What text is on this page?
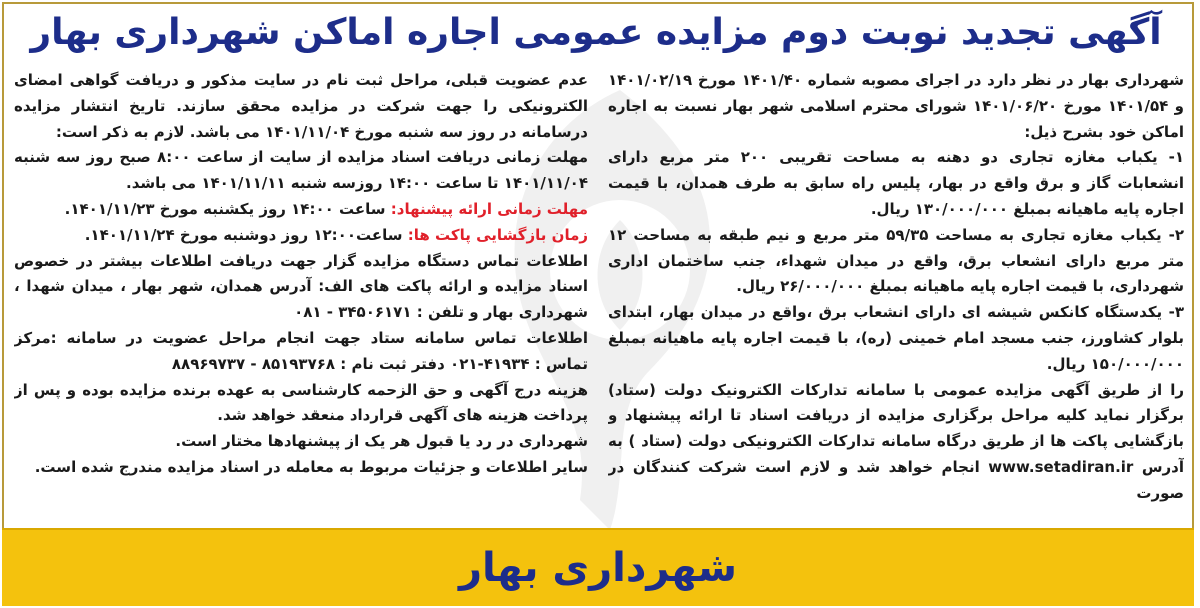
آگهی تجدید نوبت دوم مزایده عمومی اجاره اماکن شهرداری بهار

شهرداری بهار در نظر دارد در اجرای مصوبه شماره ۱۴۰۱/۴۰ مورخ ۱۴۰۱/۰۲/۱۹ و ۱۴۰۱/۵۴ مورخ ۱۴۰۱/۰۶/۲۰ شورای محترم اسلامی شهر بهار نسبت به اجاره اماکن خود بشرح ذیل:

۱- یکباب مغازه تجاری دو دهنه به مساحت تقریبی ۲۰۰ متر مربع دارای انشعابات گاز و برق واقع در بهار، پلیس راه سابق به طرف همدان، با قیمت اجاره پایه ماهیانه بمبلغ ۱۳۰/۰۰۰/۰۰۰ ریال.

۲- یکباب مغازه تجاری به مساحت ۵۹/۳۵ متر مربع و نیم طبقه به مساحت ۱۲ متر مربع دارای انشعاب برق، واقع در میدان شهداء، جنب ساختمان اداری شهرداری، با قیمت اجاره پایه ماهیانه بمبلغ ۲۶/۰۰۰/۰۰۰ ریال.

۳- یکدستگاه کانکس شیشه ای دارای انشعاب برق ،واقع در میدان بهار، ابتدای بلوار کشاورز، جنب مسجد امام خمینی (ره)، با قیمت اجاره پایه ماهیانه بمبلغ ۱۵۰/۰۰۰/۰۰۰ ریال.

را از طریق آگهی مزایده عمومی با سامانه تدارکات الکترونیک دولت (ستاد) برگزار نماید کلیه مراحل برگزاری مزایده از دریافت اسناد تا ارائه پیشنهاد و بازگشایی پاکت ها از طریق درگاه سامانه تدارکات الکترونیکی دولت (ستاد ) به آدرس www.setadiran.ir انجام خواهد شد و لازم است شرکت کنندگان در صورت

عدم عضویت قبلی، مراحل ثبت نام در سایت مذکور و دریافت گواهی امضای الکترونیکی را جهت شرکت در مزایده محقق سازند. تاریخ انتشار مزایده درسامانه در روز سه شنبه مورخ ۱۴۰۱/۱۱/۰۴ می باشد. لازم به ذکر است:

مهلت زمانی دریافت اسناد مزایده از سایت از ساعت ۸:۰۰ صبح روز سه شنبه ۱۴۰۱/۱۱/۰۴ تا ساعت ۱۴:۰۰ روزسه شنبه ۱۴۰۱/۱۱/۱۱ می باشد.

مهلت زمانی ارائه پیشنهاد: ساعت ۱۴:۰۰ روز یکشنبه مورخ ۱۴۰۱/۱۱/۲۳.

زمان بازگشایی پاکت ها: ساعت۱۲:۰۰ روز دوشنبه مورخ ۱۴۰۱/۱۱/۲۴.

اطلاعات تماس دستگاه مزایده گزار جهت دریافت اطلاعات بیشتر در خصوص اسناد مزایده و ارائه پاکت های الف: آدرس همدان، شهر بهار ، میدان شهدا ، شهرداری بهار و تلفن : ۳۴۵۰۶۱۷۱ - ۰۸۱

اطلاعات تماس سامانه ستاد جهت انجام مراحل عضویت در سامانه :مرکز تماس : ۴۱۹۳۴-۰۲۱ دفتر ثبت نام : ۸۵۱۹۳۷۶۸ - ۸۸۹۶۹۷۳۷

هزینه درج آگهی و حق الزحمه کارشناسی به عهده برنده مزایده بوده و پس از پرداخت هزینه های آگهی قرارداد منعقد خواهد شد.

شهرداری در رد یا قبول هر یک از پیشنهادها مختار است.

سایر اطلاعات و جزئیات مربوط به معامله در اسناد مزایده مندرج شده است.

شهرداری بهار
